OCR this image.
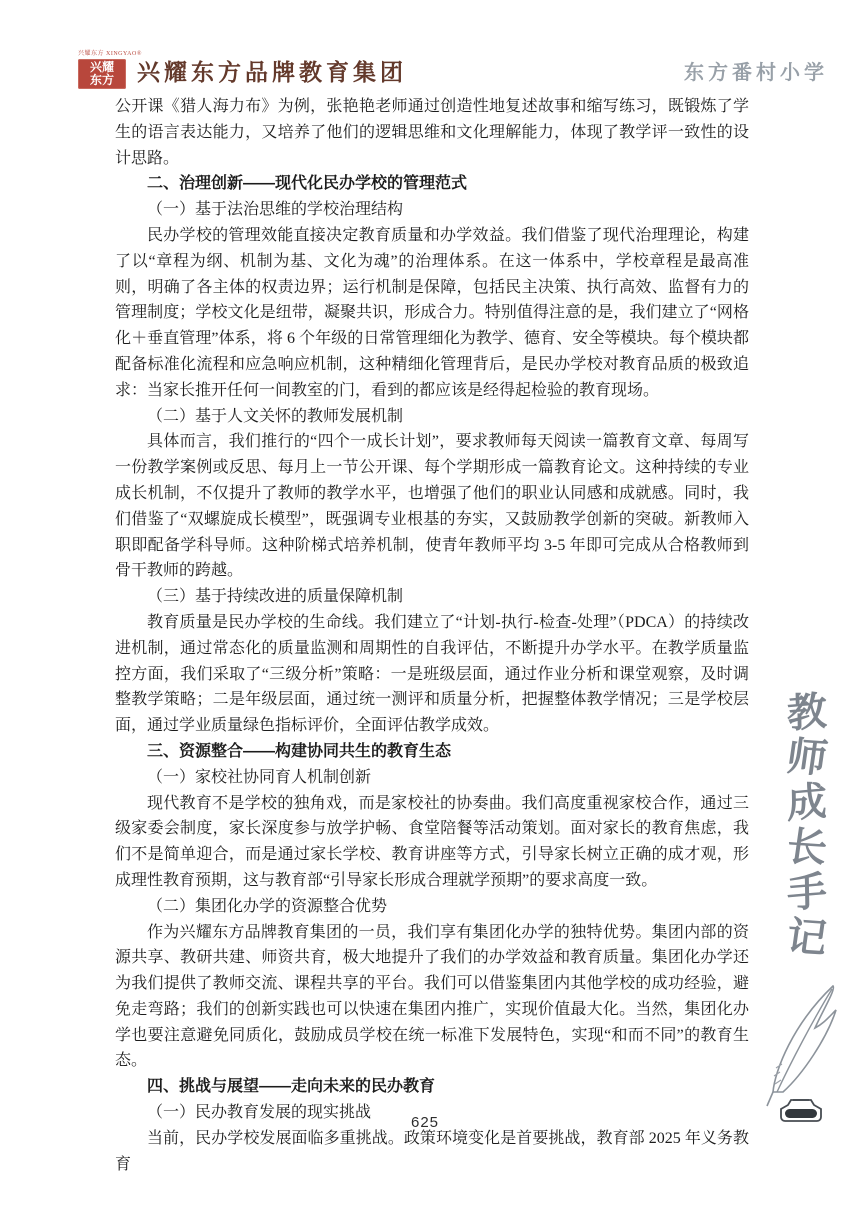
兴耀东方 XINGYAO®
兴耀东方 兴耀东方品牌教育集团	东方番村小学

公开课《猎人海力布》为例，张艳艳老师通过创造性地复述故事和缩写练习，既锻炼了学生的语言表达能力，又培养了他们的逻辑思维和文化理解能力，体现了教学评一致性的设计思路。

二、治理创新——现代化民办学校的管理范式
（一）基于法治思维的学校治理结构

民办学校的管理效能直接决定教育质量和办学效益。我们借鉴了现代治理理论，构建了以“章程为纲、机制为基、文化为魂”的治理体系。在这一体系中，学校章程是最高准则，明确了各主体的权责边界；运行机制是保障，包括民主决策、执行高效、监督有力的管理制度；学校文化是纽带，凝聚共识，形成合力。特别值得注意的是，我们建立了“网格化＋垂直管理”体系，将 6 个年级的日常管理细化为教学、德育、安全等模块。每个模块都配备标准化流程和应急响应机制，这种精细化管理背后，是民办学校对教育品质的极致追求：当家长推开任何一间教室的门，看到的都应该是经得起检验的教育现场。

（二）基于人文关怀的教师发展机制

具体而言，我们推行的“四个一成长计划”，要求教师每天阅读一篇教育文章、每周写一份教学案例或反思、每月上一节公开课、每个学期形成一篇教育论文。这种持续的专业成长机制，不仅提升了教师的教学水平，也增强了他们的职业认同感和成就感。同时，我们借鉴了“双螺旋成长模型”，既强调专业根基的夯实，又鼓励教学创新的突破。新教师入职即配备学科导师。这种阶梯式培养机制，使青年教师平均 3-5 年即可完成从合格教师到骨干教师的跨越。

（三）基于持续改进的质量保障机制

教育质量是民办学校的生命线。我们建立了“计划-执行-检查-处理”（PDCA）的持续改进机制，通过常态化的质量监测和周期性的自我评估，不断提升办学水平。在教学质量监控方面，我们采取了“三级分析”策略：一是班级层面，通过作业分析和课堂观察，及时调整教学策略；二是年级层面，通过统一测评和质量分析，把握整体教学情况；三是学校层面，通过学业质量绿色指标评价，全面评估教学成效。

三、资源整合——构建协同共生的教育生态
（一）家校社协同育人机制创新

现代教育不是学校的独角戏，而是家校社的协奏曲。我们高度重视家校合作，通过三级家委会制度，家长深度参与放学护畅、食堂陪餐等活动策划。面对家长的教育焦虑，我们不是简单迎合，而是通过家长学校、教育讲座等方式，引导家长树立正确的成才观，形成理性教育预期，这与教育部“引导家长形成合理就学预期”的要求高度一致。

（二）集团化办学的资源整合优势

作为兴耀东方品牌教育集团的一员，我们享有集团化办学的独特优势。集团内部的资源共享、教研共建、师资共育，极大地提升了我们的办学效益和教育质量。集团化办学还为我们提供了教师交流、课程共享的平台。我们可以借鉴集团内其他学校的成功经验，避免走弯路；我们的创新实践也可以快速在集团内推广，实现价值最大化。当然，集团化办学也要注意避免同质化，鼓励成员学校在统一标准下发展特色，实现“和而不同”的教育生态。

四、挑战与展望——走向未来的民办教育
（一）民办教育发展的现实挑战

当前，民办学校发展面临多重挑战。政策环境变化是首要挑战，教育部 2025 年义务教育

教
师
成
长
手
记
625
